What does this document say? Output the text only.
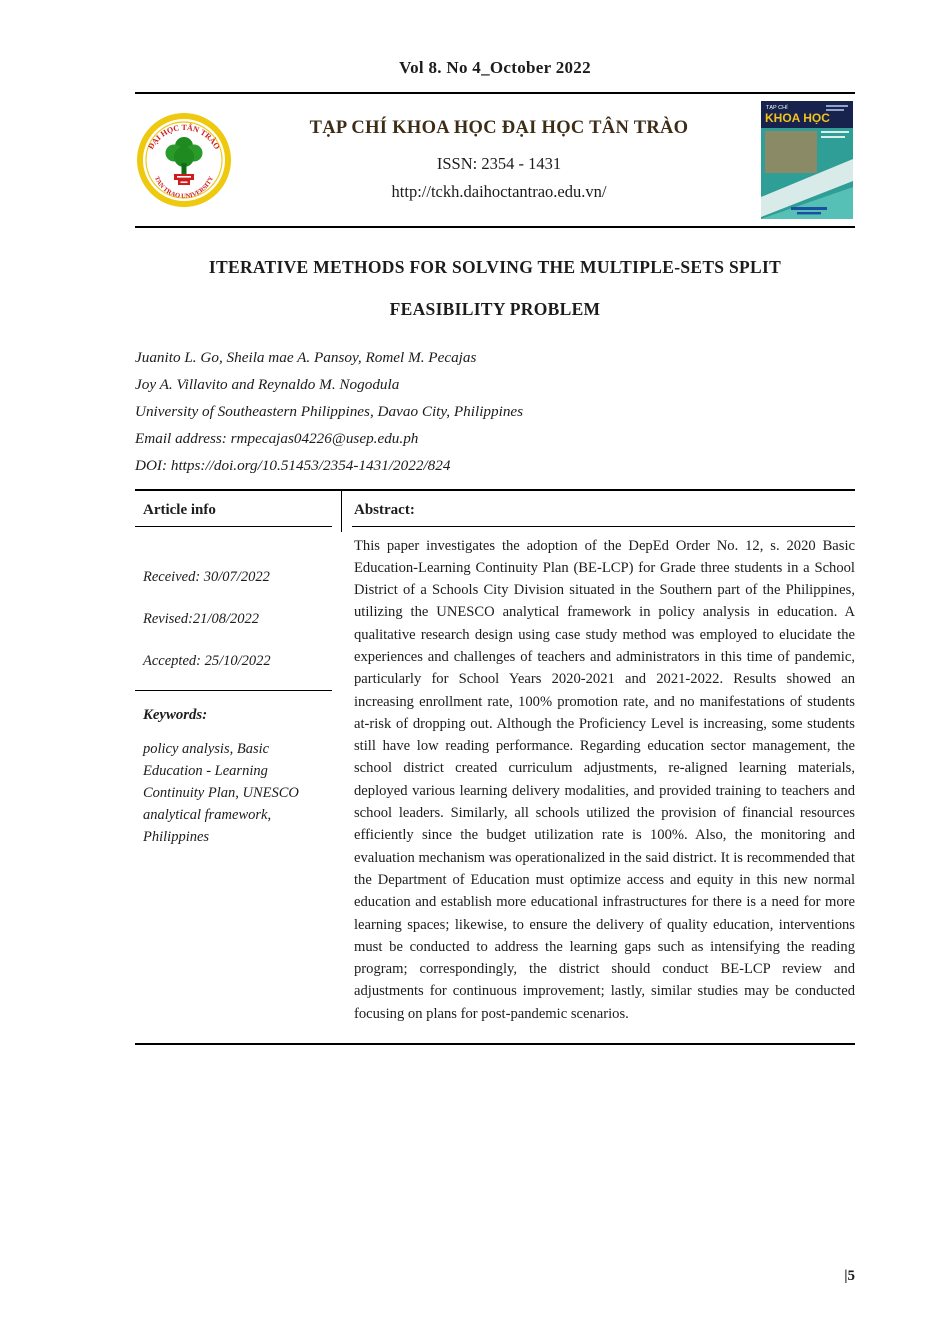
Vol 8. No 4_October 2022
ĐẠI HỌC TÂN TRÀO
TAN TRAO UNIVERSITY
TẠP CHÍ KHOA HỌC ĐẠI HỌC TÂN TRÀO
ISSN: 2354 - 1431
http://tckh.daihoctantrao.edu.vn/
TẠP CHÍ
KHOA HỌC
ITERATIVE METHODS FOR SOLVING THE MULTIPLE-SETS SPLIT
FEASIBILITY PROBLEM
Juanito L. Go, Sheila mae A. Pansoy, Romel M. Pecajas
Joy A. Villavito and Reynaldo M. Nogodula
University of Southeastern Philippines, Davao City, Philippines
Email address: rmpecajas04226@usep.edu.ph
DOI: https://doi.org/10.51453/2354-1431/2022/824
Article info
Received: 30/07/2022
Revised:21/08/2022
Accepted: 25/10/2022
Keywords:
policy analysis, Basic Education - Learning Continuity Plan, UNESCO analytical framework, Philippines
Abstract:
This paper investigates the adoption of the DepEd Order No. 12, s. 2020 Basic Education-Learning Continuity Plan (BE-LCP) for Grade three students in a School District of a Schools City Division situated in the Southern part of the Philippines, utilizing the UNESCO analytical framework in policy analysis in education. A qualitative research design using case study method was employed to elucidate the experiences and challenges of teachers and administrators in this time of pandemic, particularly for School Years 2020-2021 and 2021-2022. Results showed an increasing enrollment rate, 100% promotion rate, and no manifestations of students at-risk of dropping out. Although the Proficiency Level is increasing, some students still have low reading performance. Regarding education sector management, the school district created curriculum adjustments, re-aligned learning materials, deployed various learning delivery modalities, and provided training to teachers and school leaders. Similarly, all schools utilized the provision of financial resources efficiently since the budget utilization rate is 100%. Also, the monitoring and evaluation mechanism was operationalized in the said district. It is recommended that the Department of Education must optimize access and equity in this new normal education and establish more educational infrastructures for there is a need for more learning spaces; likewise, to ensure the delivery of quality education, interventions must be conducted to address the learning gaps such as intensifying the reading program; correspondingly, the district should conduct BE-LCP review and adjustments for continuous improvement; lastly, similar studies may be conducted focusing on plans for post-pandemic scenarios.
|5
